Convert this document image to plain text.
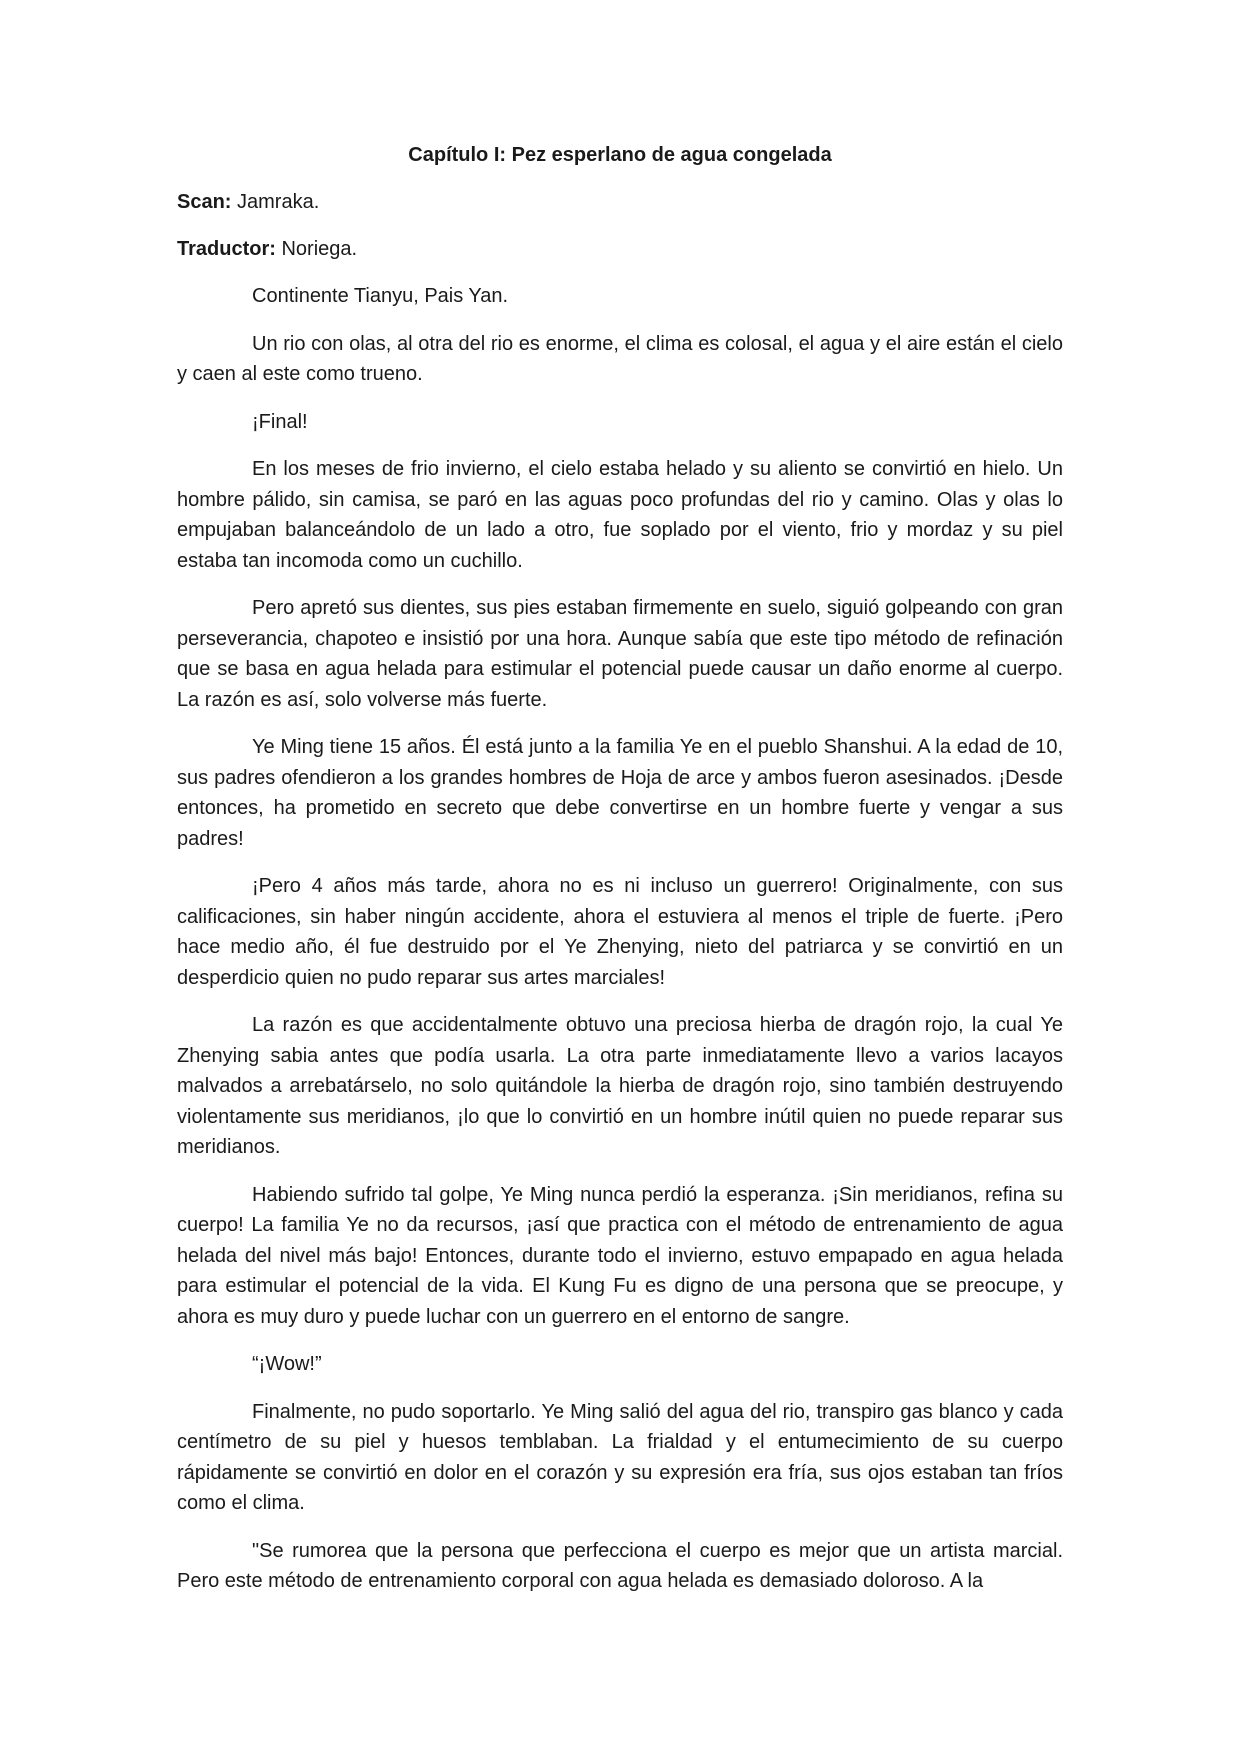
Capítulo I: Pez esperlano de agua congelada
Scan: Jamraka.
Traductor: Noriega.

Continente Tianyu, Pais Yan.

Un rio con olas, al otra del rio es enorme, el clima es colosal, el agua y el aire están el cielo y caen al este como trueno.

¡Final!

En los meses de frio invierno, el cielo estaba helado y su aliento se convirtió en hielo. Un hombre pálido, sin camisa, se paró en las aguas poco profundas del rio y camino. Olas y olas lo empujaban balanceándolo de un lado a otro, fue soplado por el viento, frio y mordaz y su piel estaba tan incomoda como un cuchillo.

Pero apretó sus dientes, sus pies estaban firmemente en suelo, siguió golpeando con gran perseverancia, chapoteo e insistió por una hora. Aunque sabía que este tipo método de refinación que se basa en agua helada para estimular el potencial puede causar un daño enorme al cuerpo. La razón es así, solo volverse más fuerte.

Ye Ming tiene 15 años. Él está junto a la familia Ye en el pueblo Shanshui. A la edad de 10, sus padres ofendieron a los grandes hombres de Hoja de arce y ambos fueron asesinados. ¡Desde entonces, ha prometido en secreto que debe convertirse en un hombre fuerte y vengar a sus padres!

¡Pero 4 años más tarde, ahora no es ni incluso un guerrero! Originalmente, con sus calificaciones, sin haber ningún accidente, ahora el estuviera al menos el triple de fuerte. ¡Pero hace medio año, él fue destruido por el Ye Zhenying, nieto del patriarca y se convirtió en un desperdicio quien no pudo reparar sus artes marciales!

La razón es que accidentalmente obtuvo una preciosa hierba de dragón rojo, la cual Ye Zhenying sabia antes que podía usarla. La otra parte inmediatamente llevo a varios lacayos malvados a arrebatárselo, no solo quitándole la hierba de dragón rojo, sino también destruyendo violentamente sus meridianos, ¡lo que lo convirtió en un hombre inútil quien no puede reparar sus meridianos.

Habiendo sufrido tal golpe, Ye Ming nunca perdió la esperanza. ¡Sin meridianos, refina su cuerpo! La familia Ye no da recursos, ¡así que practica con el método de entrenamiento de agua helada del nivel más bajo! Entonces, durante todo el invierno, estuvo empapado en agua helada para estimular el potencial de la vida. El Kung Fu es digno de una persona que se preocupe, y ahora es muy duro y puede luchar con un guerrero en el entorno de sangre.

“¡Wow!”

Finalmente, no pudo soportarlo. Ye Ming salió del agua del rio, transpiro gas blanco y cada centímetro de su piel y huesos temblaban. La frialdad y el entumecimiento de su cuerpo rápidamente se convirtió en dolor en el corazón y su expresión era fría, sus ojos estaban tan fríos como el clima.

"Se rumorea que la persona que perfecciona el cuerpo es mejor que un artista marcial. Pero este método de entrenamiento corporal con agua helada es demasiado doloroso. A la
